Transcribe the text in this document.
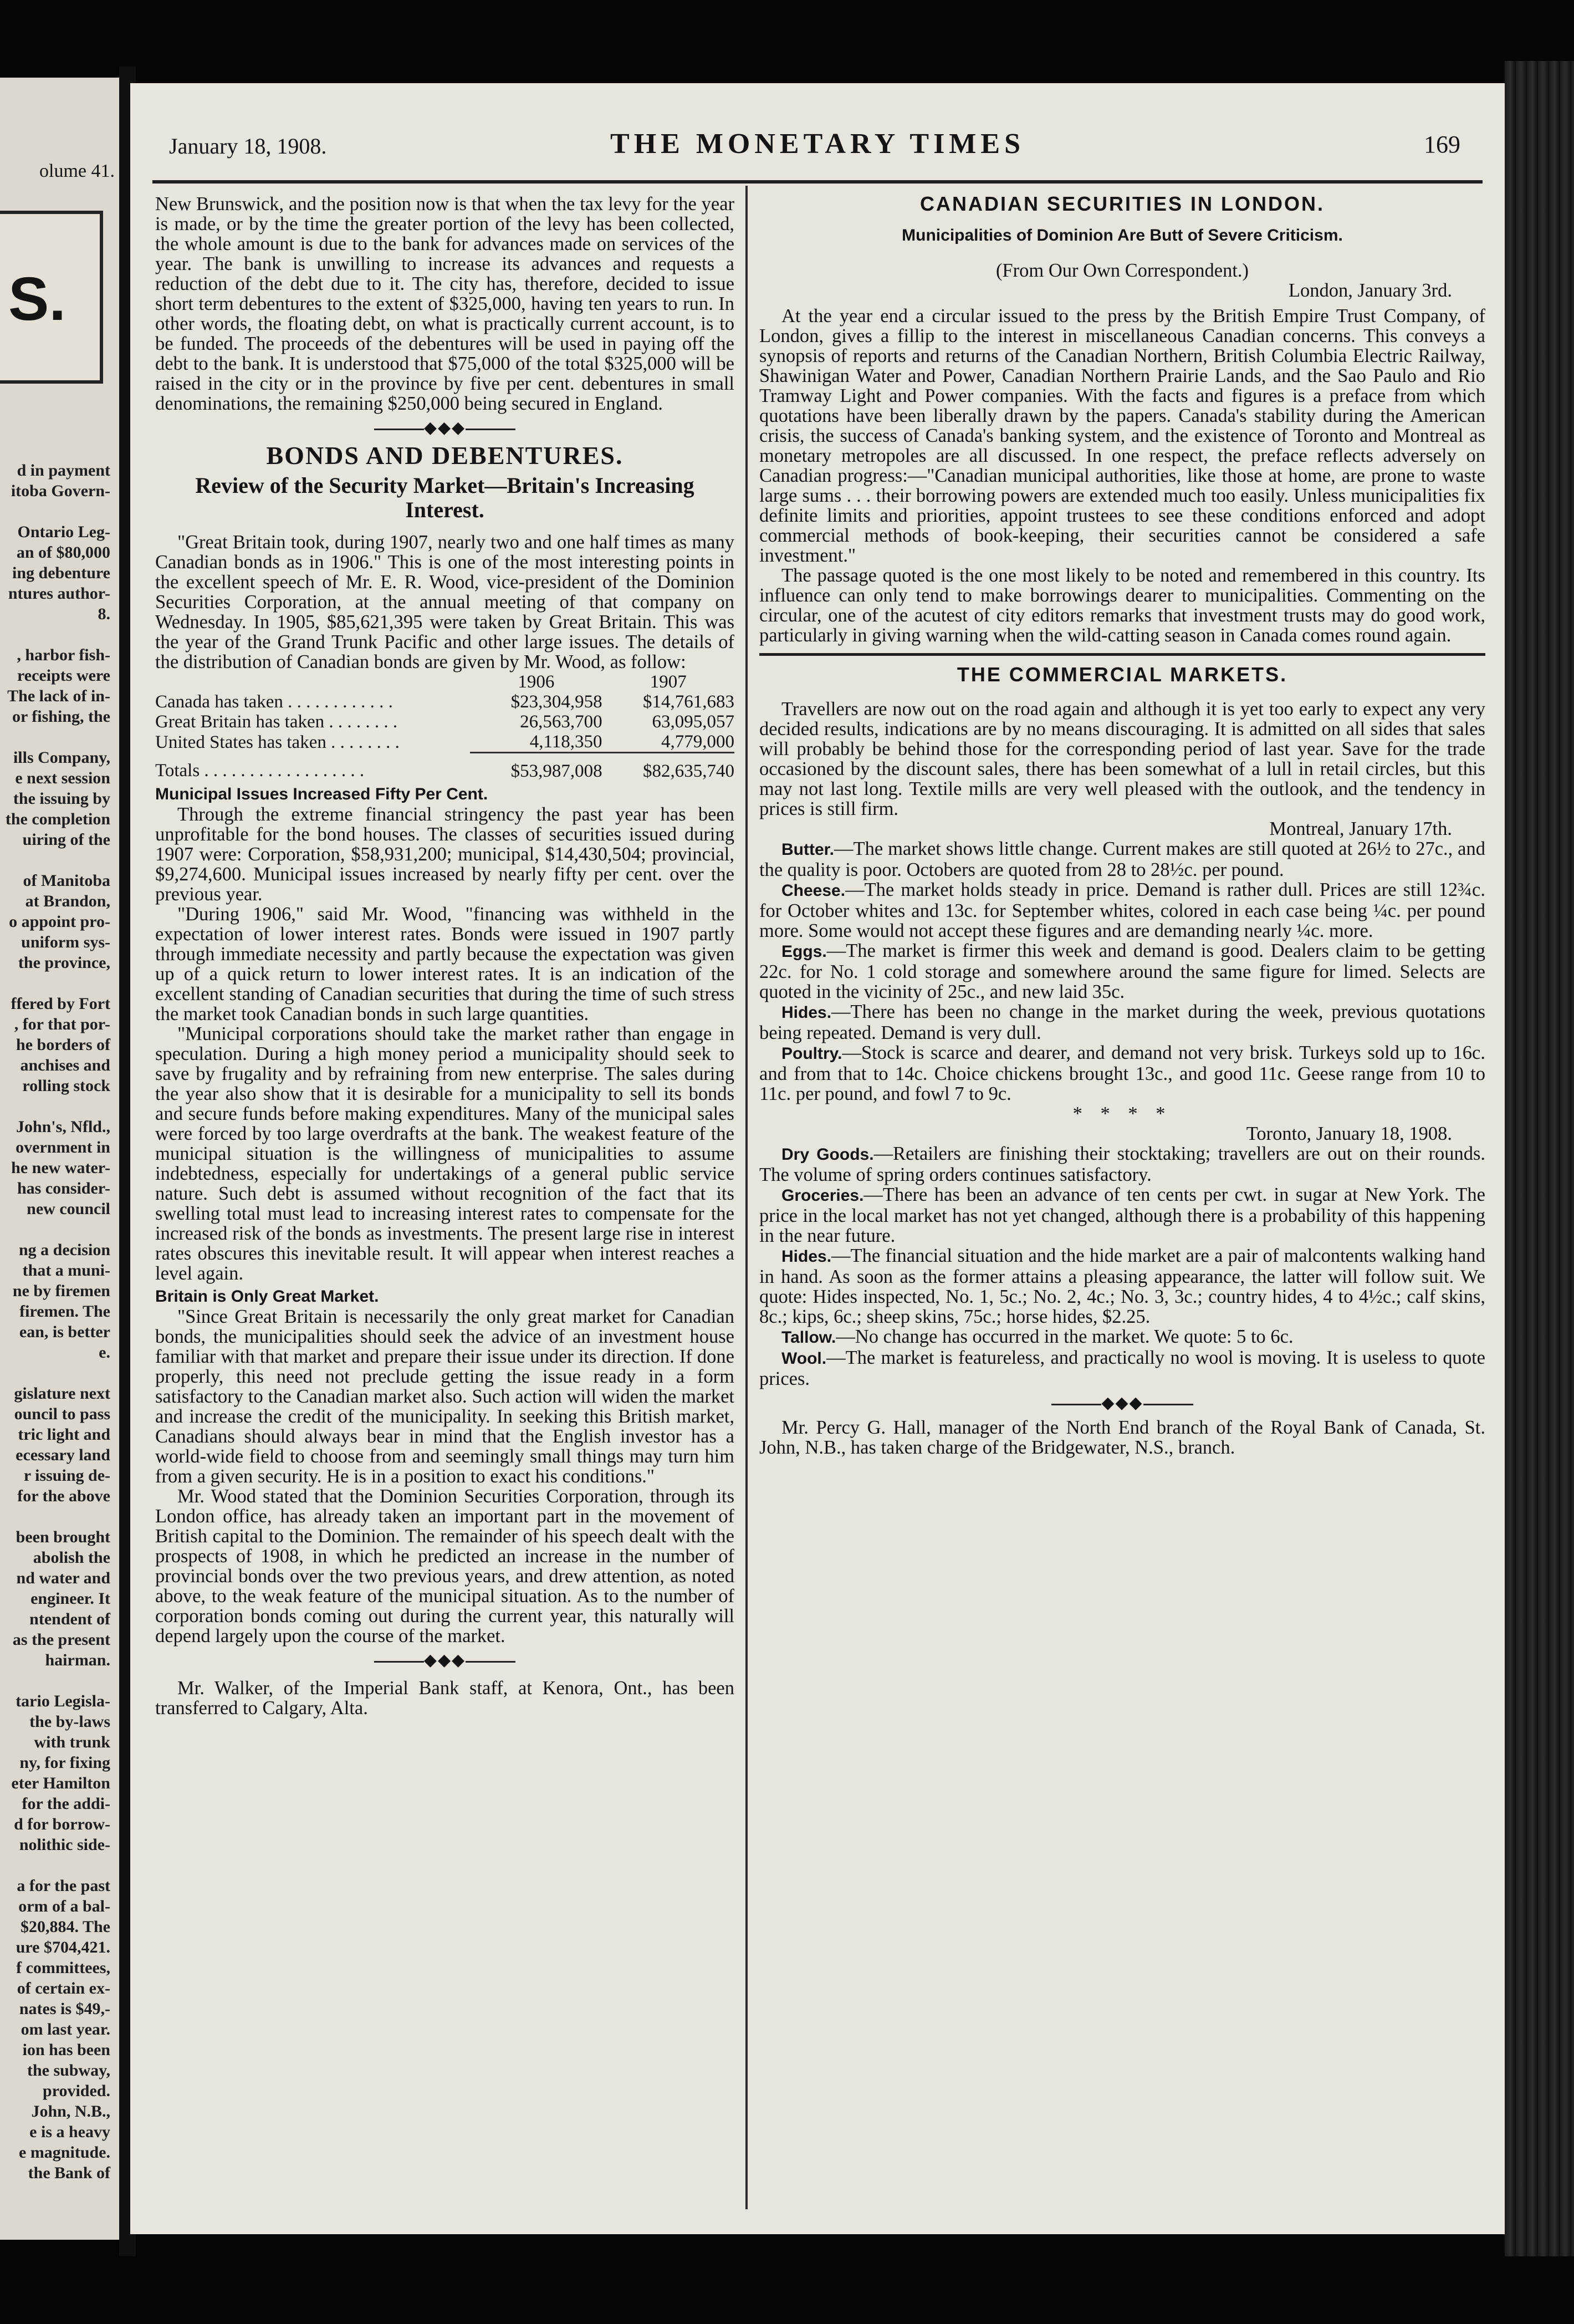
olume 41.
S.
d in payment
itoba Govern-

Ontario Leg-
an of $80,000
ing debenture
ntures author-
8.

, harbor fish-
receipts were
The lack of in-
or fishing, the

ills Company,
e next session
the issuing by
the completion
uiring of the

of Manitoba
at Brandon,
o appoint pro-
uniform sys-
the province,

ffered by Fort
, for that por-
he borders of
anchises and
rolling stock

John's, Nfld.,
overnment in
he new water-
has consider-
new council

ng a decision
that a muni-
ne by firemen
firemen. The
ean, is better
e.

gislature next
ouncil to pass
tric light and
ecessary land
r issuing de-
for the above

been brought
abolish the
nd water and
engineer. It
ntendent of
as the present
hairman.

tario Legisla-
the by-laws
with trunk
ny, for fixing
eter Hamilton
for the addi-
d for borrow-
nolithic side-

a for the past
orm of a bal-
$20,884. The
ure $704,421.
f committees,
of certain ex-
nates is $49,-
om last year.
ion has been
the subway,
provided.
John, N.B.,
e is a heavy
e magnitude.
the Bank of
January 18, 1908.	THE MONETARY TIMES	169

New Brunswick, and the position now is that when the tax levy for the year is made, or by the time the greater portion of the levy has been collected, the whole amount is due to the bank for advances made on services of the year. The bank is unwilling to increase its advances and requests a reduction of the debt due to it. The city has, therefore, decided to issue short term debentures to the extent of $325,000, having ten years to run. In other words, the floating debt, on what is practically current account, is to be funded. The proceeds of the debentures will be used in paying off the debt to the bank. It is understood that $75,000 of the total $325,000 will be raised in the city or in the province by five per cent. debentures in small denominations, the remaining $250,000 being secured in England.

◆◆◆
BONDS AND DEBENTURES.
Review of the Security Market—Britain's Increasing Interest.

"Great Britain took, during 1907, nearly two and one half times as many Canadian bonds as in 1906." This is one of the most interesting points in the excellent speech of Mr. E. R. Wood, vice-president of the Dominion Securities Corporation, at the annual meeting of that company on Wednesday. In 1905, $85,621,395 were taken by Great Britain. This was the year of the Grand Trunk Pacific and other large issues. The details of the distribution of Canadian bonds are given by Mr. Wood, as follow:

	1906	1907
Canada has taken . . . . . . . . . . . .	$23,304,958	$14,761,683
Great Britain has taken . . . . . . . .	26,563,700	63,095,057
United States has taken . . . . . . . .	4,118,350	4,779,000
Totals . . . . . . . . . . . . . . . . . .	$53,987,008	$82,635,740
Municipal Issues Increased Fifty Per Cent.

Through the extreme financial stringency the past year has been unprofitable for the bond houses. The classes of securities issued during 1907 were: Corporation, $58,931,200; municipal, $14,430,504; provincial, $9,274,600. Municipal issues increased by nearly fifty per cent. over the previous year.

"During 1906," said Mr. Wood, "financing was withheld in the expectation of lower interest rates. Bonds were issued in 1907 partly through immediate necessity and partly because the expectation was given up of a quick return to lower interest rates. It is an indication of the excellent standing of Canadian securities that during the time of such stress the market took Canadian bonds in such large quantities.

"Municipal corporations should take the market rather than engage in speculation. During a high money period a municipality should seek to save by frugality and by refraining from new enterprise. The sales during the year also show that it is desirable for a municipality to sell its bonds and secure funds before making expenditures. Many of the municipal sales were forced by too large overdrafts at the bank. The weakest feature of the municipal situation is the willingness of municipalities to assume indebtedness, especially for undertakings of a general public service nature. Such debt is assumed without recognition of the fact that its swelling total must lead to increasing interest rates to compensate for the increased risk of the bonds as investments. The present large rise in interest rates obscures this inevitable result. It will appear when interest reaches a level again.

Britain is Only Great Market.

"Since Great Britain is necessarily the only great market for Canadian bonds, the municipalities should seek the advice of an investment house familiar with that market and prepare their issue under its direction. If done properly, this need not preclude getting the issue ready in a form satisfactory to the Canadian market also. Such action will widen the market and increase the credit of the municipality. In seeking this British market, Canadians should always bear in mind that the English investor has a world-wide field to choose from and seemingly small things may turn him from a given security. He is in a position to exact his conditions."

Mr. Wood stated that the Dominion Securities Corporation, through its London office, has already taken an important part in the movement of British capital to the Dominion. The remainder of his speech dealt with the prospects of 1908, in which he predicted an increase in the number of provincial bonds over the two previous years, and drew attention, as noted above, to the weak feature of the municipal situation. As to the number of corporation bonds coming out during the current year, this naturally will depend largely upon the course of the market.

◆◆◆

Mr. Walker, of the Imperial Bank staff, at Kenora, Ont., has been transferred to Calgary, Alta.

CANADIAN SECURITIES IN LONDON.
Municipalities of Dominion Are Butt of Severe Criticism.
(From Our Own Correspondent.)
London, January 3rd.

At the year end a circular issued to the press by the British Empire Trust Company, of London, gives a fillip to the interest in miscellaneous Canadian concerns. This conveys a synopsis of reports and returns of the Canadian Northern, British Columbia Electric Railway, Shawinigan Water and Power, Canadian Northern Prairie Lands, and the Sao Paulo and Rio Tramway Light and Power companies. With the facts and figures is a preface from which quotations have been liberally drawn by the papers. Canada's stability during the American crisis, the success of Canada's banking system, and the existence of Toronto and Montreal as monetary metropoles are all discussed. In one respect, the preface reflects adversely on Canadian progress:—"Canadian municipal authorities, like those at home, are prone to waste large sums . . . their borrowing powers are extended much too easily. Unless municipalities fix definite limits and priorities, appoint trustees to see these conditions enforced and adopt commercial methods of book-keeping, their securities cannot be considered a safe investment."

The passage quoted is the one most likely to be noted and remembered in this country. Its influence can only tend to make borrowings dearer to municipalities. Commenting on the circular, one of the acutest of city editors remarks that investment trusts may do good work, particularly in giving warning when the wild-catting season in Canada comes round again.

THE COMMERCIAL MARKETS.

Travellers are now out on the road again and although it is yet too early to expect any very decided results, indications are by no means discouraging. It is admitted on all sides that sales will probably be behind those for the corresponding period of last year. Save for the trade occasioned by the discount sales, there has been somewhat of a lull in retail circles, but this may not last long. Textile mills are very well pleased with the outlook, and the tendency in prices is still firm.

Montreal, January 17th.

Butter.—The market shows little change. Current makes are still quoted at 26½ to 27c., and the quality is poor. Octobers are quoted from 28 to 28½c. per pound.

Cheese.—The market holds steady in price. Demand is rather dull. Prices are still 12¾c. for October whites and 13c. for September whites, colored in each case being ¼c. per pound more. Some would not accept these figures and are demanding nearly ¼c. more.

Eggs.—The market is firmer this week and demand is good. Dealers claim to be getting 22c. for No. 1 cold storage and somewhere around the same figure for limed. Selects are quoted in the vicinity of 25c., and new laid 35c.

Hides.—There has been no change in the market during the week, previous quotations being repeated. Demand is very dull.

Poultry.—Stock is scarce and dearer, and demand not very brisk. Turkeys sold up to 16c. and from that to 14c. Choice chickens brought 13c., and good 11c. Geese range from 10 to 11c. per pound, and fowl 7 to 9c.

* * * *
Toronto, January 18, 1908.

Dry Goods.—Retailers are finishing their stocktaking; travellers are out on their rounds. The volume of spring orders continues satisfactory.

Groceries.—There has been an advance of ten cents per cwt. in sugar at New York. The price in the local market has not yet changed, although there is a probability of this happening in the near future.

Hides.—The financial situation and the hide market are a pair of malcontents walking hand in hand. As soon as the former attains a pleasing appearance, the latter will follow suit. We quote: Hides inspected, No. 1, 5c.; No. 2, 4c.; No. 3, 3c.; country hides, 4 to 4½c.; calf skins, 8c.; kips, 6c.; sheep skins, 75c.; horse hides, $2.25.

Tallow.—No change has occurred in the market. We quote: 5 to 6c.

Wool.—The market is featureless, and practically no wool is moving. It is useless to quote prices.

◆◆◆

Mr. Percy G. Hall, manager of the North End branch of the Royal Bank of Canada, St. John, N.B., has taken charge of the Bridgewater, N.S., branch.
